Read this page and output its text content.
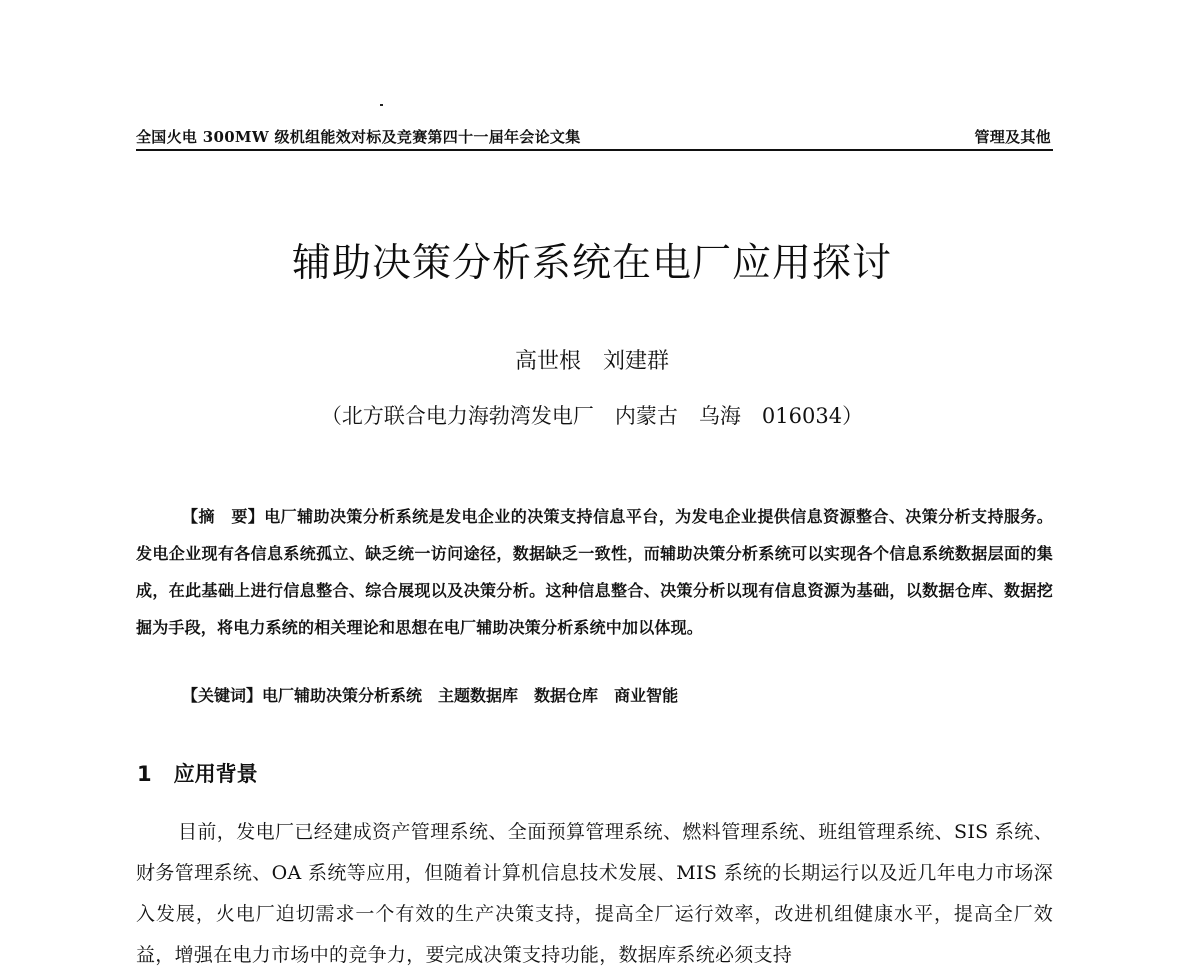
全国火电 300MW 级机组能效对标及竞赛第四十一届年会论文集	管理及其他
辅助决策分析系统在电厂应用探讨
高世根　刘建群
（北方联合电力海勃湾发电厂　内蒙古　乌海　016034）
【摘　要】电厂辅助决策分析系统是发电企业的决策支持信息平台，为发电企业提供信息资源整合、决策分析支持服务。发电企业现有各信息系统孤立、缺乏统一访问途径，数据缺乏一致性，而辅助决策分析系统可以实现各个信息系统数据层面的集成，在此基础上进行信息整合、综合展现以及决策分析。这种信息整合、决策分析以现有信息资源为基础，以数据仓库、数据挖掘为手段，将电力系统的相关理论和思想在电厂辅助决策分析系统中加以体现。
【关键词】电厂辅助决策分析系统 主题数据库 数据仓库 商业智能
1 应用背景
目前，发电厂已经建成资产管理系统、全面预算管理系统、燃料管理系统、班组管理系统、SIS 系统、财务管理系统、OA 系统等应用，但随着计算机信息技术发展、MIS 系统的长期运行以及近几年电力市场深入发展，火电厂迫切需求一个有效的生产决策支持，提高全厂运行效率，改进机组健康水平，提高全厂效益，增强在电力市场中的竞争力，要完成决策支持功能，数据库系统必须支持
